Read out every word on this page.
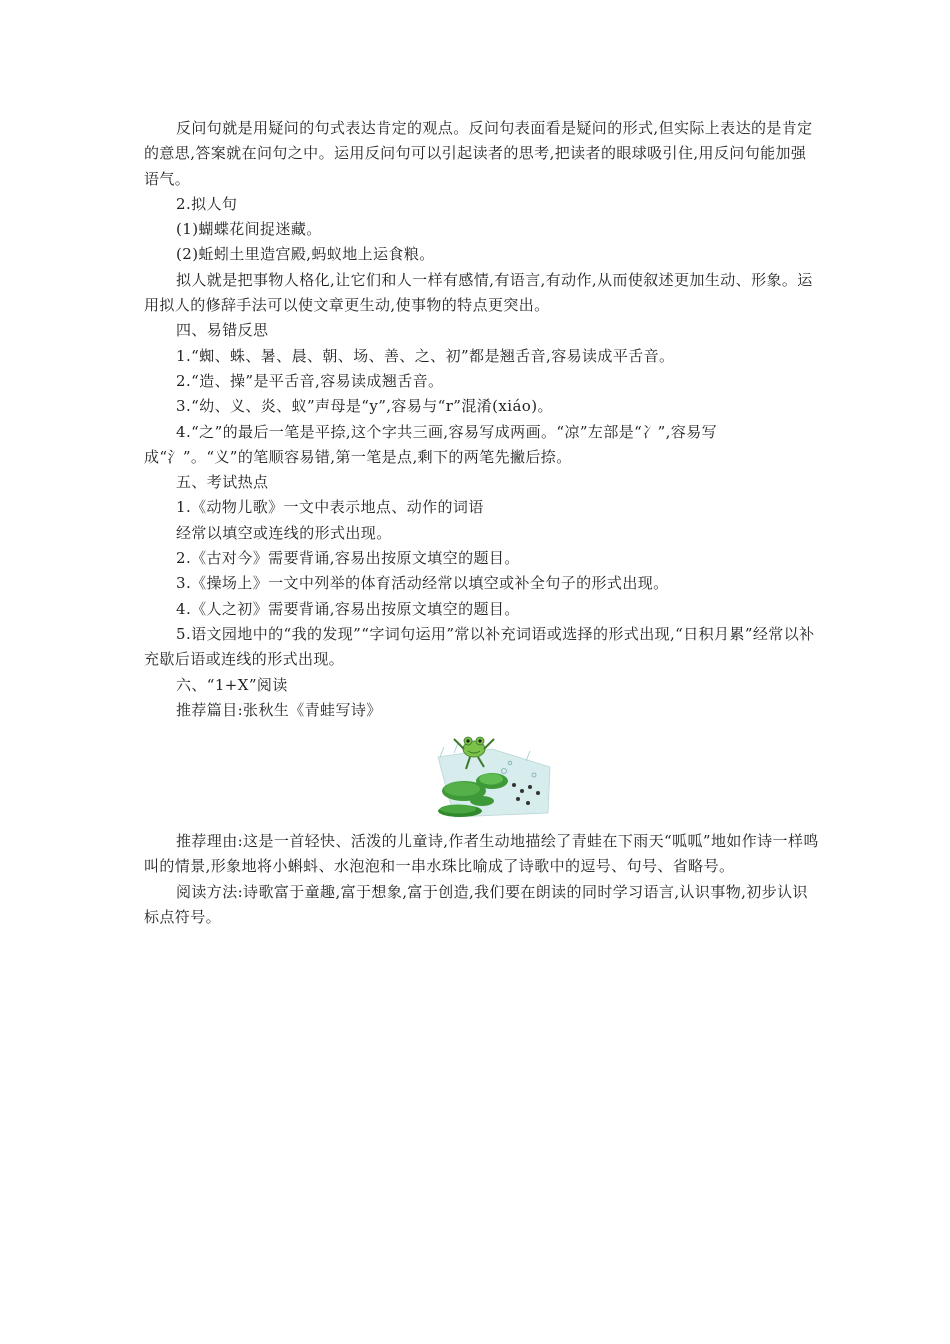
反问句就是用疑问的句式表达肯定的观点。反问句表面看是疑问的形式,但实际上表达的是肯定的意思,答案就在问句之中。运用反问句可以引起读者的思考,把读者的眼球吸引住,用反问句能加强语气。

2.拟人句

(1)蝴蝶花间捉迷藏。

(2)蚯蚓土里造宫殿,蚂蚁地上运食粮。

拟人就是把事物人格化,让它们和人一样有感情,有语言,有动作,从而使叙述更加生动、形象。运用拟人的修辞手法可以使文章更生动,使事物的特点更突出。

四、易错反思

1.“蜘、蛛、暑、晨、朝、场、善、之、初”都是翘舌音,容易读成平舌音。

2.“造、操”是平舌音,容易读成翘舌音。

3.“幼、义、炎、蚁”声母是“y”,容易与“r”混淆(xiáo)。

4.“之”的最后一笔是平捺,这个字共三画,容易写成两画。“凉”左部是“冫”,容易写成“氵”。“义”的笔顺容易错,第一笔是点,剩下的两笔先撇后捺。

五、考试热点

1.《动物儿歌》一文中表示地点、动作的词语

经常以填空或连线的形式出现。

2.《古对今》需要背诵,容易出按原文填空的题目。

3.《操场上》一文中列举的体育活动经常以填空或补全句子的形式出现。

4.《人之初》需要背诵,容易出按原文填空的题目。

5.语文园地中的“我的发现”“字词句运用”常以补充词语或选择的形式出现,“日积月累”经常以补充歇后语或连线的形式出现。

六、“1+X”阅读

推荐篇目:张秋生《青蛙写诗》

推荐理由:这是一首轻快、活泼的儿童诗,作者生动地描绘了青蛙在下雨天“呱呱”地如作诗一样鸣叫的情景,形象地将小蝌蚪、水泡泡和一串水珠比喻成了诗歌中的逗号、句号、省略号。

阅读方法:诗歌富于童趣,富于想象,富于创造,我们要在朗读的同时学习语言,认识事物,初步认识标点符号。
